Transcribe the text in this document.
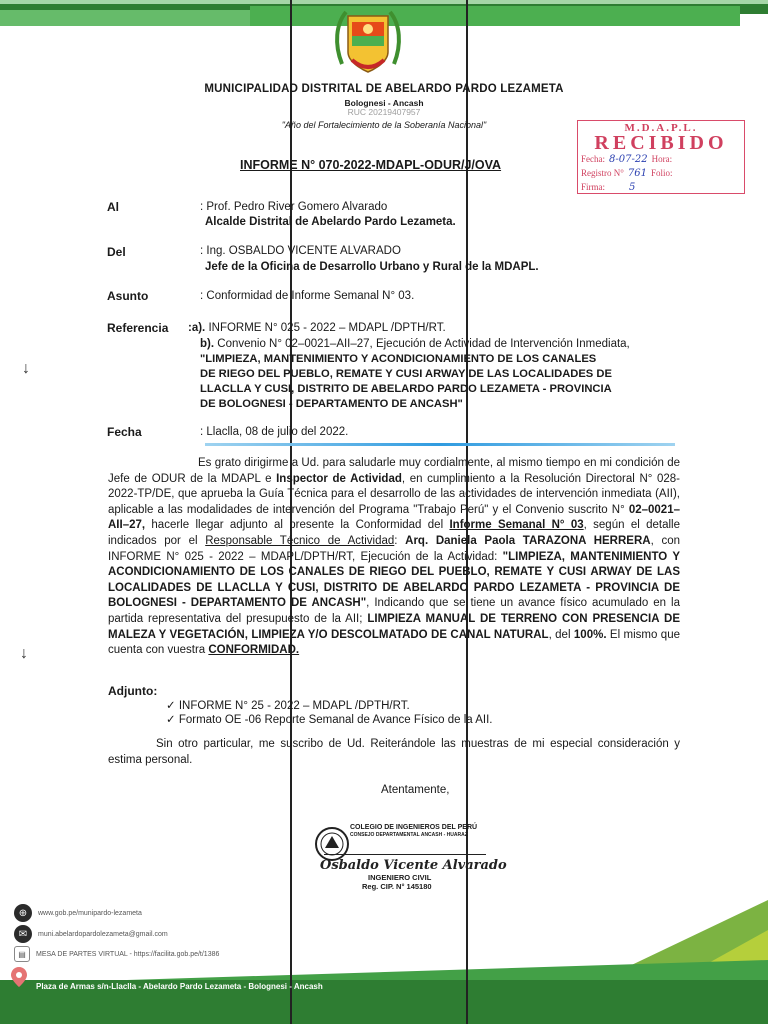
MUNICIPALIDAD DISTRITAL DE ABELARDO PARDO LEZAMETA
Bolognesi - Ancash
RUC 20219407957
"Año del Fortalecimiento de la Soberanía Nacional"	M.D.A.P.L.
RECIBIDO
Fecha: 8-07-22 Hora:
Registro N° 761 Folio:
Firma: 5
INFORME N° 070-2022-MDAPL-ODUR/J/OVA
Al	: Prof. Pedro River Gomero Alvarado
Alcalde Distrital de Abelardo Pardo Lezameta.
Del	: Ing. OSBALDO VICENTE ALVARADO
Jefe de la Oficina de Desarrollo Urbano y Rural de la MDAPL.
Asunto	: Conformidad de Informe Semanal N° 03.
Referencia :a). INFORME N° 025 - 2022 – MDAPL /DPTH/RT.
b). Convenio N° 02–0021–AII–27, Ejecución de Actividad de Intervención Inmediata,
"LIMPIEZA, MANTENIMIENTO Y ACONDICIONAMIENTO DE LOS CANALES
DE RIEGO DEL PUEBLO, REMATE Y CUSI ARWAY DE LAS LOCALIDADES DE
LLACLLA Y CUSI, DISTRITO DE ABELARDO PARDO LEZAMETA - PROVINCIA
DE BOLOGNESI - DEPARTAMENTO DE ANCASH"
↓
Fecha	: Llaclla, 08 de julio del 2022.
Es grato dirigirme a Ud. para saludarle muy cordialmente, al mismo tiempo en mi condición de Jefe de ODUR de la MDAPL e Inspector de Actividad, en cumplimiento a la Resolución Directoral N° 028- 2022-TP/DE, que aprueba la Guía Técnica para el desarrollo de las actividades de intervención inmediata (AII), aplicable a las modalidades de intervención del Programa "Trabajo Perú" y el Convenio suscrito N° 02–0021–AII–27, hacerle llegar adjunto al presente la Conformidad del Informe Semanal N° 03, según el detalle indicados por el Responsable Técnico de Actividad: Arq. Daniela Paola TARAZONA HERRERA, con INFORME N° 025 - 2022 – MDAPL/DPTH/RT, Ejecución de la Actividad: "LIMPIEZA, MANTENIMIENTO Y ACONDICIONAMIENTO DE LOS CANALES DE RIEGO DEL PUEBLO, REMATE Y CUSI ARWAY DE LAS LOCALIDADES DE LLACLLA Y CUSI, DISTRITO DE ABELARDO PARDO LEZAMETA - PROVINCIA DE BOLOGNESI - DEPARTAMENTO DE ANCASH", Indicando que se tiene un avance físico acumulado en la partida representativa del presupuesto de la AII; LIMPIEZA MANUAL DE TERRENO CON PRESENCIA DE MALEZA Y VEGETACIÓN, LIMPIEZA Y/O DESCOLMATADO DE CANAL NATURAL, del 100%. El mismo que cuenta con vuestra CONFORMIDAD.
↓
Adjunto:
✓ INFORME N° 25 - 2022 – MDAPL /DPTH/RT.
✓ Formato OE -06 Reporte Semanal de Avance Físico de la AII.
Sin otro particular, me suscribo de Ud. Reiterándole las muestras de mi especial consideración y estima personal.
Atentamente,
COLEGIO DE INGENIEROS DEL PERÚ
CONSEJO DEPARTAMENTAL ANCASH - HUARAZ
Osbaldo Vicente Alvarado
INGENIERO CIVIL
Reg. CIP. N° 145180
⊕	www.gob.pe/munipardo-lezameta
✉	muni.abelardopardolezameta@gmail.com
▤	MESA DE PARTES VIRTUAL - https://facilita.gob.pe/t/1386
Plaza de Armas s/n-Llaclla - Abelardo Pardo Lezameta - Bolognesi - Ancash
